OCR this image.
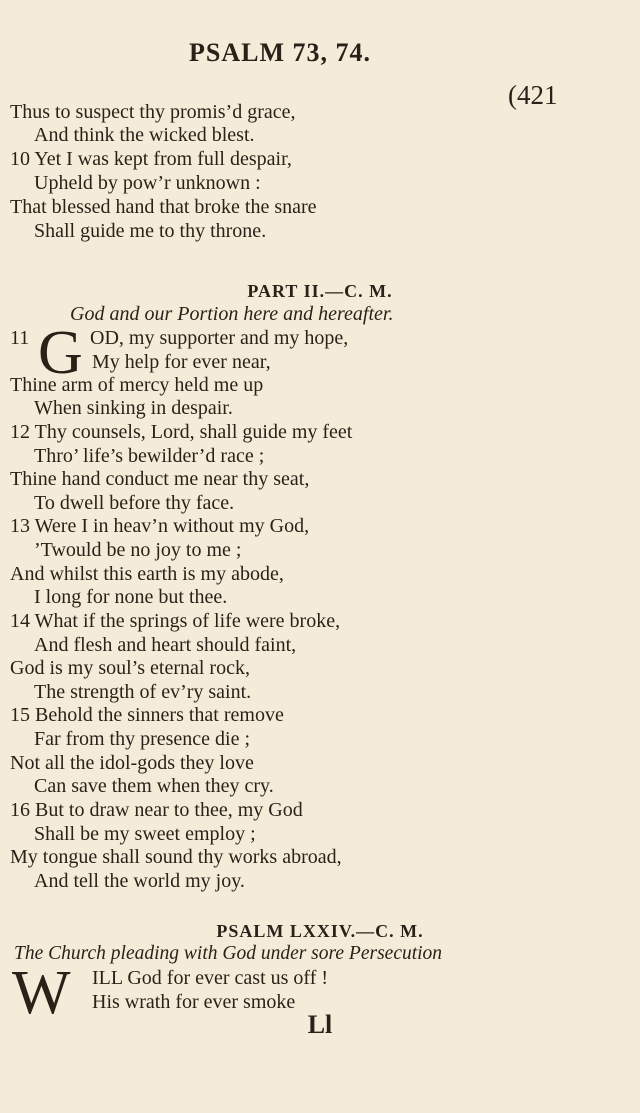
PSALM 73, 74.
(421
Thus to suspect thy promis’d grace,
And think the wicked blest.
10 Yet I was kept from full despair,
Upheld by pow’r unknown :
That blessed hand that broke the snare
Shall guide me to thy throne.
PART II.—C. M.
God and our Portion here and hereafter.
11 G OD, my supporter and my hope,
My help for ever near,
Thine arm of mercy held me up
When sinking in despair.
12 Thy counsels, Lord, shall guide my feet
Thro’ life’s bewilder’d race ;
Thine hand conduct me near thy seat,
To dwell before thy face.
13 Were I in heav’n without my God,
’Twould be no joy to me ;
And whilst this earth is my abode,
I long for none but thee.
14 What if the springs of life were broke,
And flesh and heart should faint,
God is my soul’s eternal rock,
The strength of ev’ry saint.
15 Behold the sinners that remove
Far from thy presence die ;
Not all the idol-gods they love
Can save them when they cry.
16 But to draw near to thee, my God
Shall be my sweet employ ;
My tongue shall sound thy works abroad,
And tell the world my joy.
PSALM LXXIV.—C. M.
The Church pleading with God under sore Persecution
W ILL God for ever cast us off !
His wrath for ever smoke
Ll
